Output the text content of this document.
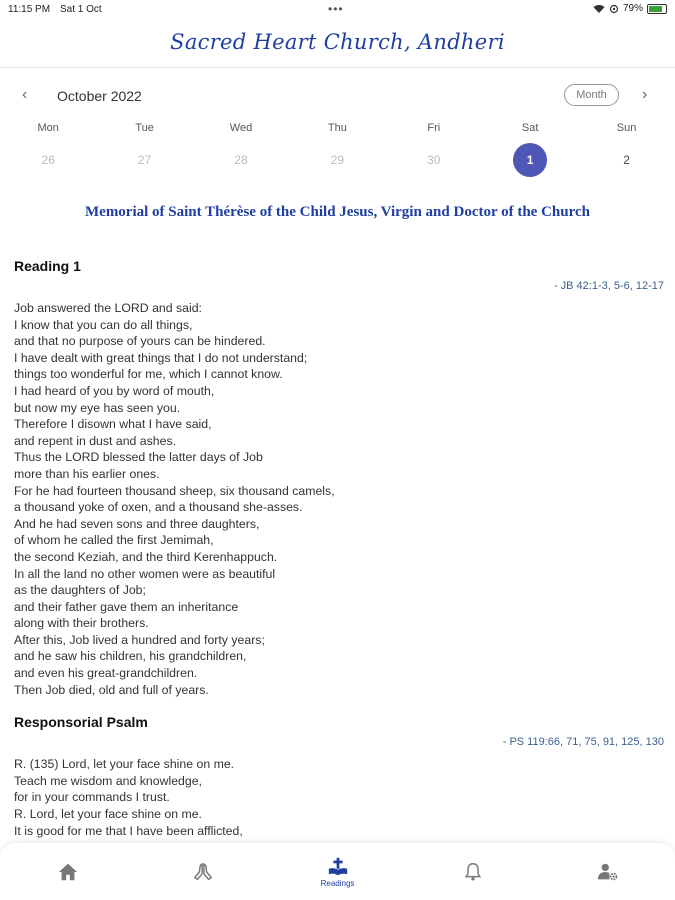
11:15 PM Sat 1 Oct	•••	79%
Sacred Heart Church, Andheri
‹ October 2022	Month	›
Mon	Tue	Wed	Thu	Fri	Sat	Sun
26	27	28	29	30	1	2
Memorial of Saint Thérèse of the Child Jesus, Virgin and Doctor of the Church
Reading 1
- JB 42:1-3, 5-6, 12-17
Job answered the LORD and said:
I know that you can do all things,
and that no purpose of yours can be hindered.
I have dealt with great things that I do not understand;
things too wonderful for me, which I cannot know.
I had heard of you by word of mouth,
but now my eye has seen you.
Therefore I disown what I have said,
and repent in dust and ashes.
Thus the LORD blessed the latter days of Job
more than his earlier ones.
For he had fourteen thousand sheep, six thousand camels,
a thousand yoke of oxen, and a thousand she-asses.
And he had seven sons and three daughters,
of whom he called the first Jemimah,
the second Keziah, and the third Kerenhappuch.
In all the land no other women were as beautiful
as the daughters of Job;
and their father gave them an inheritance
along with their brothers.
After this, Job lived a hundred and forty years;
and he saw his children, his grandchildren,
and even his great-grandchildren.
Then Job died, old and full of years.
Responsorial Psalm
- PS 119:66, 71, 75, 91, 125, 130
R. (135) Lord, let your face shine on me.
Teach me wisdom and knowledge,
for in your commands I trust.
R. Lord, let your face shine on me.
It is good for me that I have been afflicted,
Readings
